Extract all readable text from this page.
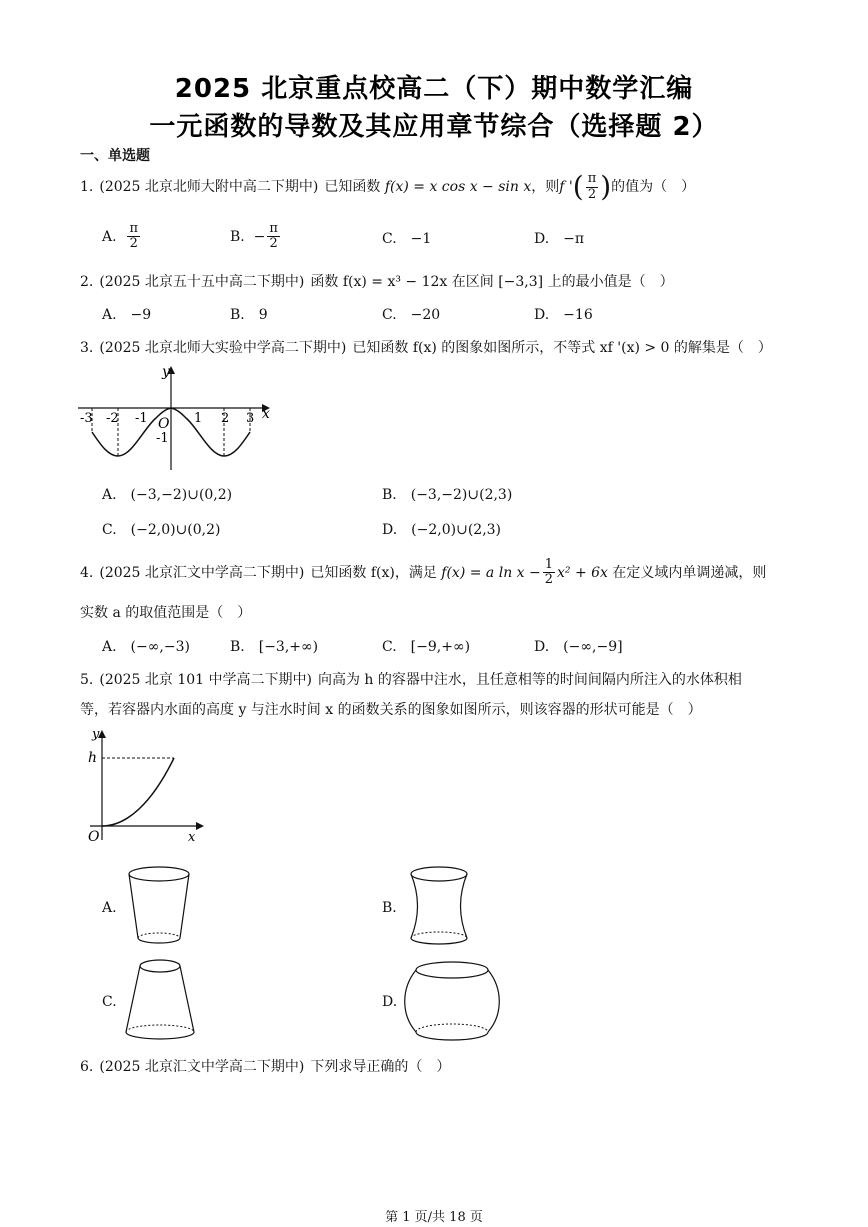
2025 北京重点校高二（下）期中数学汇编
一元函数的导数及其应用章节综合（选择题 2）
一、单选题
1. (2025 北京北师大附中高二下期中) 已知函数 f(x) = x cos x − sin x，则f '( $\frac{\pi}{2}$ )的值为（　）
A. $\frac{\pi}{2}$	B. − $\frac{\pi}{2}$	C.　−1	D.　−π
2. (2025 北京五十五中高二下期中) 函数 f(x) = x³ − 12x 在区间 [−3,3] 上的最小值是（　）
A.　−9	B.　9	C.　−20	D.　−16
3. (2025 北京北师大实验中学高二下期中) 已知函数 f(x) 的图象如图所示，不等式 xf '(x) > 0 的解集是（　）
y
x
O
-3 -2 -1	1 2 3
-1
A.　(−3,−2)∪(0,2)	B.　(−3,−2)∪(2,3)
C.　(−2,0)∪(0,2)	D.　(−2,0)∪(2,3)
4. (2025 北京汇文中学高二下期中) 已知函数 f(x)，满足 f(x) = a $\ln x - \frac{1}{2} x^2 + 6x$ 在定义域内单调递减，则
实数 a 的取值范围是（　）
A.　(−∞,−3)	B.　[−3,+∞)	C.　[−9,+∞)	D.　(−∞,−9]
5. (2025 北京 101 中学高二下期中) 向高为 h 的容器中注水，且任意相等的时间间隔内所注入的水体积相
等，若容器内水面的高度 y 与注水时间 x 的函数关系的图象如图所示，则该容器的形状可能是（　）
y
h
O	x
A.	B.
C.	D.
6. (2025 北京汇文中学高二下期中) 下列求导正确的（　）
第 1 页/共 18 页
